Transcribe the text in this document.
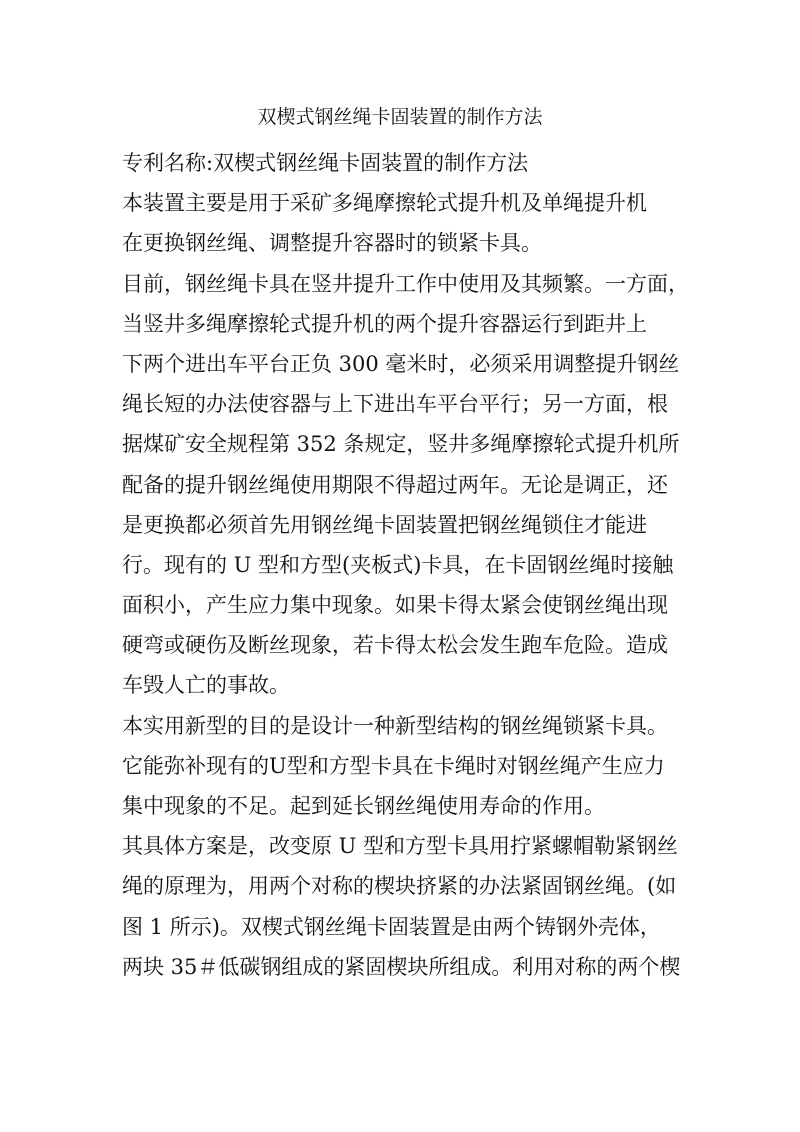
双楔式钢丝绳卡固装置的制作方法
专利名称:双楔式钢丝绳卡固装置的制作方法
本装置主要是用于采矿多绳摩擦轮式提升机及单绳提升机
在更换钢丝绳、调整提升容器时的锁紧卡具。
目前，钢丝绳卡具在竖井提升工作中使用及其频繁。一方面，
当竖井多绳摩擦轮式提升机的两个提升容器运行到距井上
下两个进出车平台正负 300 毫米时，必须采用调整提升钢丝
绳长短的办法使容器与上下进出车平台平行；另一方面，根
据煤矿安全规程第 352 条规定，竖井多绳摩擦轮式提升机所
配备的提升钢丝绳使用期限不得超过两年。无论是调正，还
是更换都必须首先用钢丝绳卡固装置把钢丝绳锁住才能进
行。现有的 U 型和方型(夹板式)卡具，在卡固钢丝绳时接触
面积小，产生应力集中现象。如果卡得太紧会使钢丝绳出现
硬弯或硬伤及断丝现象，若卡得太松会发生跑车危险。造成
车毁人亡的事故。
本实用新型的目的是设计一种新型结构的钢丝绳锁紧卡具。
它能弥补现有的U型和方型卡具在卡绳时对钢丝绳产生应力
集中现象的不足。起到延长钢丝绳使用寿命的作用。
其具体方案是，改变原 U 型和方型卡具用拧紧螺帽勒紧钢丝
绳的原理为，用两个对称的楔块挤紧的办法紧固钢丝绳。(如
图 1 所示)。双楔式钢丝绳卡固装置是由两个铸钢外壳体，
两块 35＃低碳钢组成的紧固楔块所组成。利用对称的两个楔
